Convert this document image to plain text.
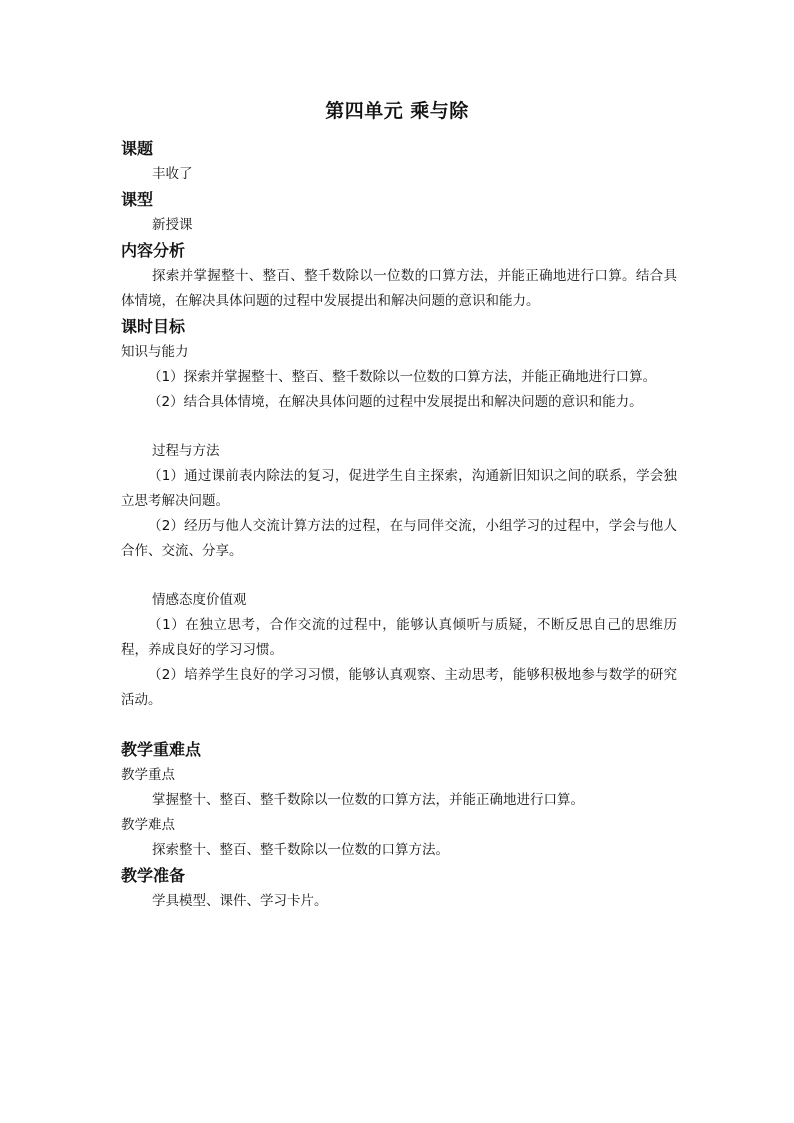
第四单元 乘与除
课题
丰收了
课型
新授课
内容分析
探索并掌握整十、整百、整千数除以一位数的口算方法，并能正确地进行口算。结合具体情境，在解决具体问题的过程中发展提出和解决问题的意识和能力。
课时目标
知识与能力
（1）探索并掌握整十、整百、整千数除以一位数的口算方法，并能正确地进行口算。
（2）结合具体情境，在解决具体问题的过程中发展提出和解决问题的意识和能力。
过程与方法
（1）通过课前表内除法的复习，促进学生自主探索，沟通新旧知识之间的联系，学会独立思考解决问题。
（2）经历与他人交流计算方法的过程，在与同伴交流，小组学习的过程中，学会与他人合作、交流、分享。
情感态度价值观
（1）在独立思考，合作交流的过程中，能够认真倾听与质疑，不断反思自己的思维历程，养成良好的学习习惯。
（2）培养学生良好的学习习惯，能够认真观察、主动思考，能够积极地参与数学的研究活动。
教学重难点
教学重点
掌握整十、整百、整千数除以一位数的口算方法，并能正确地进行口算。
教学难点
探索整十、整百、整千数除以一位数的口算方法。
教学准备
学具模型、课件、学习卡片。
